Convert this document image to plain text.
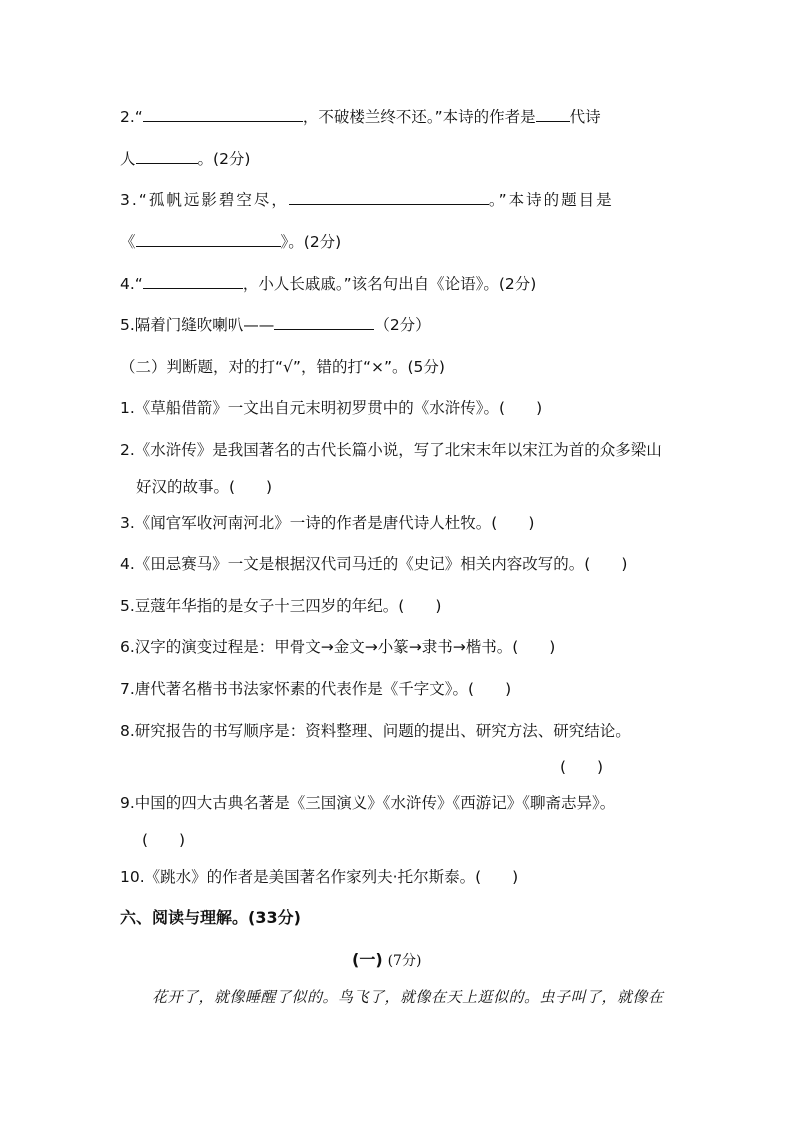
2.“	，不破楼兰终不还。”本诗的作者是 代诗
人	。(2分)
3.“孤帆远影碧空尽，	。”本诗的题目是
《	》。(2分)
4.“	，小人长戚戚。”该名句出自《论语》。(2分)
5.隔着门缝吹喇叭——	（2分）
（二）判断题，对的打“√”，错的打“×”。(5分)
1.《草船借箭》一文出自元末明初罗贯中的《水浒传》。(　　)
2.《水浒传》是我国著名的古代长篇小说，写了北宋末年以宋江为首的众多梁山
好汉的故事。(　　)
3.《闻官军收河南河北》一诗的作者是唐代诗人杜牧。(　　)
4.《田忌赛马》一文是根据汉代司马迁的《史记》相关内容改写的。(　　)
5.豆蔻年华指的是女子十三四岁的年纪。(　　)
6.汉字的演变过程是：甲骨文→金文→小篆→隶书→楷书。(　　)
7.唐代著名楷书书法家怀素的代表作是《千字文》。(　　)
8.研究报告的书写顺序是：资料整理、问题的提出、研究方法、研究结论。
(　　)
9.中国的四大古典名著是《三国演义》《水浒传》《西游记》《聊斋志异》。
(　　)
10.《跳水》的作者是美国著名作家列夫·托尔斯泰。(　　)
六、阅读与理解。(33分)
(一) (7分)
花开了，就像睡醒了似的。鸟飞了，就像在天上逛似的。虫子叫了，就像在
